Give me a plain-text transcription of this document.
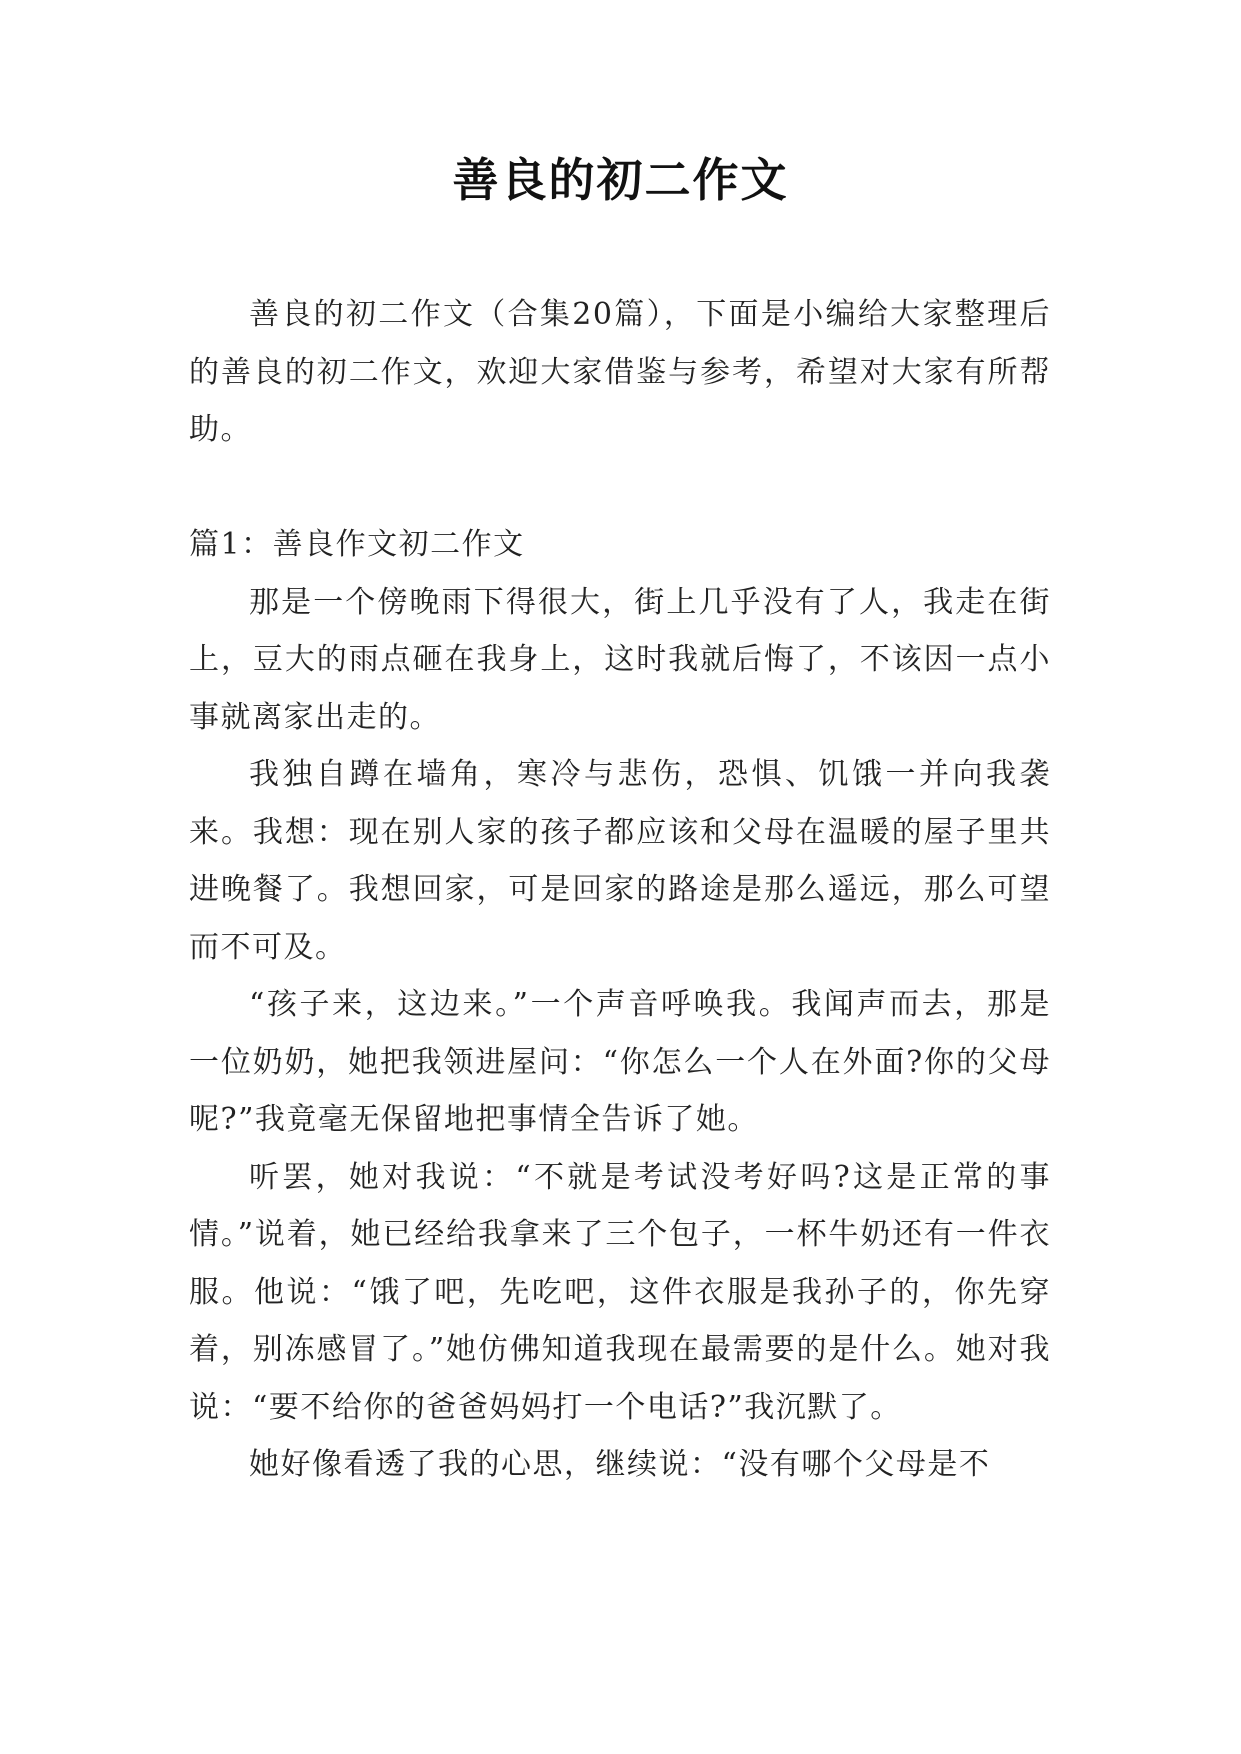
善良的初二作文

善良的初二作文（合集20篇），下面是小编给大家整理后的善良的初二作文，欢迎大家借鉴与参考，希望对大家有所帮助。

篇1：善良作文初二作文

那是一个傍晚雨下得很大，街上几乎没有了人，我走在街上，豆大的雨点砸在我身上，这时我就后悔了，不该因一点小事就离家出走的。

我独自蹲在墙角，寒冷与悲伤，恐惧、饥饿一并向我袭来。我想：现在别人家的孩子都应该和父母在温暖的屋子里共进晚餐了。我想回家，可是回家的路途是那么遥远，那么可望而不可及。

“孩子来，这边来。”一个声音呼唤我。我闻声而去，那是一位奶奶，她把我领进屋问：“你怎么一个人在外面?你的父母呢?”我竟毫无保留地把事情全告诉了她。

听罢，她对我说：“不就是考试没考好吗?这是正常的事情。”说着，她已经给我拿来了三个包子，一杯牛奶还有一件衣服。他说：“饿了吧，先吃吧，这件衣服是我孙子的，你先穿着，别冻感冒了。”她仿佛知道我现在最需要的是什么。她对我说：“要不给你的爸爸妈妈打一个电话?”我沉默了。

她好像看透了我的心思，继续说：“没有哪个父母是不
